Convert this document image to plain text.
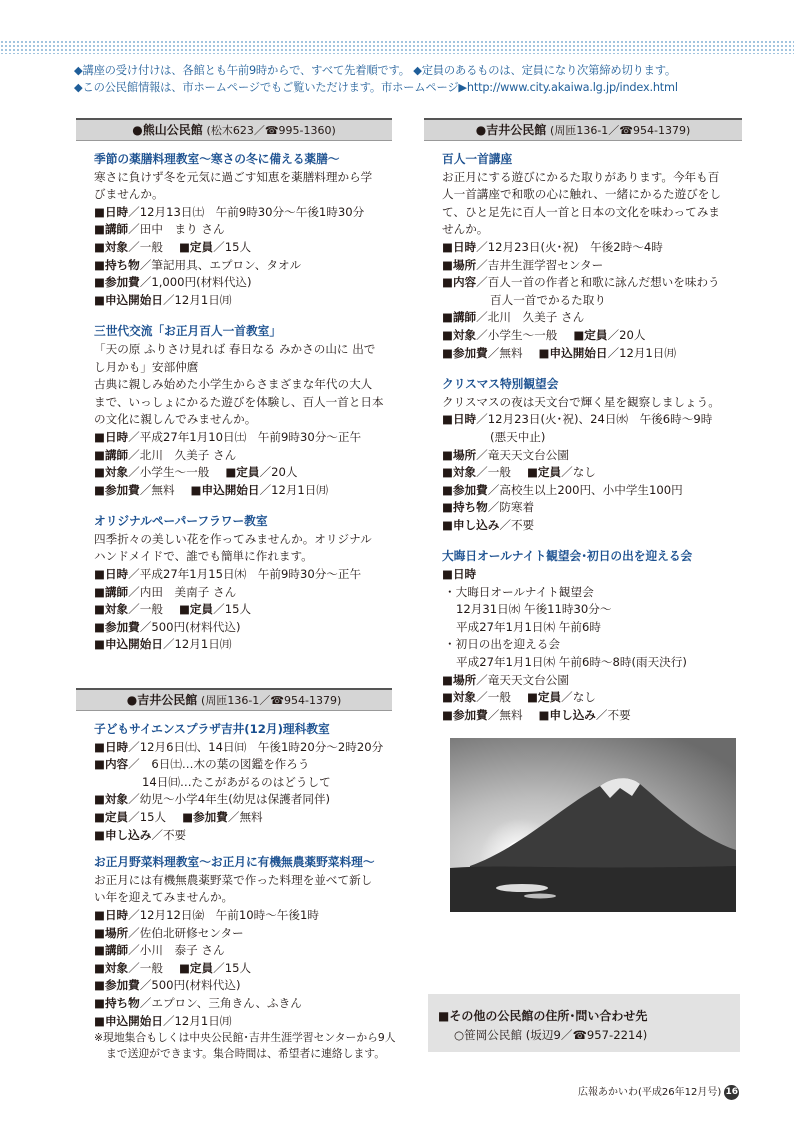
◆講座の受け付けは、各館とも午前9時からで、すべて先着順です。 ◆定員のあるものは、定員になり次第締め切ります。
◆この公民館情報は、市ホームページでもご覧いただけます。市ホームページ▶http://www.city.akaiwa.lg.jp/index.html
●熊山公民館 (松木623／☎995-1360)
季節の薬膳料理教室～寒さの冬に備える薬膳～
寒さに負けず冬を元気に過ごす知恵を薬膳料理から学
びませんか。
■日時／12月13日㈯　午前9時30分～午後1時30分
■講師／田中　まり さん
■対象／一般 ■定員／15人
■持ち物／筆記用具、エプロン、タオル
■参加費／1,000円(材料代込)
■申込開始日／12月1日㈪
三世代交流「お正月百人一首教室」
「天の原 ふりさけ見れば 春日なる みかさの山に 出で
し月かも」安部仲麿
古典に親しみ始めた小学生からさまざまな年代の大人
まで、いっしょにかるた遊びを体験し、百人一首と日本
の文化に親しんでみませんか。
■日時／平成27年1月10日㈯　午前9時30分～正午
■講師／北川　久美子 さん
■対象／小学生～一般 ■定員／20人
■参加費／無料 ■申込開始日／12月1日㈪
オリジナルペーパーフラワー教室
四季折々の美しい花を作ってみませんか。オリジナル
ハンドメイドで、誰でも簡単に作れます。
■日時／平成27年1月15日㈭　午前9時30分～正午
■講師／内田　美南子 さん
■対象／一般 ■定員／15人
■参加費／500円(材料代込)
■申込開始日／12月1日㈪
●吉井公民館 (周匝136-1／☎954-1379)
子どもサイエンスプラザ吉井(12月)理科教室
■日時／12月6日㈯、14日㈰　午後1時20分～2時20分
■内容／　6日㈯…木の葉の図鑑を作ろう
14日㈰…たこがあがるのはどうして
■対象／幼児～小学4年生(幼児は保護者同伴)
■定員／15人 ■参加費／無料
■申し込み／不要
お正月野菜料理教室～お正月に有機無農薬野菜料理～
お正月には有機無農薬野菜で作った料理を並べて新し
い年を迎えてみませんか。
■日時／12月12日㈮　午前10時～午後1時
■場所／佐伯北研修センター
■講師／小川　泰子 さん
■対象／一般 ■定員／15人
■参加費／500円(材料代込)
■持ち物／エプロン、三角きん、ふきん
■申込開始日／12月1日㈪
※現地集合もしくは中央公民館･吉井生涯学習センターから9人
まで送迎ができます。集合時間は、希望者に連絡します。
●吉井公民館 (周匝136-1／☎954-1379)
百人一首講座
お正月にする遊びにかるた取りがあります。今年も百
人一首講座で和歌の心に触れ、一緒にかるた遊びをし
て、ひと足先に百人一首と日本の文化を味わってみま
せんか。
■日時／12月23日(火･祝)　午後2時～4時
■場所／吉井生涯学習センター
■内容／百人一首の作者と和歌に詠んだ想いを味わう
百人一首でかるた取り
■講師／北川　久美子 さん
■対象／小学生～一般 ■定員／20人
■参加費／無料 ■申込開始日／12月1日㈪
クリスマス特別観望会
クリスマスの夜は天文台で輝く星を観察しましょう。
■日時／12月23日(火･祝)、24日㈬　午後6時～9時
(悪天中止)
■場所／竜天天文台公園
■対象／一般 ■定員／なし
■参加費／高校生以上200円、小中学生100円
■持ち物／防寒着
■申し込み／不要
大晦日オールナイト観望会･初日の出を迎える会
■日時
・大晦日オールナイト観望会
12月31日㈬ 午後11時30分～
平成27年1月1日㈭ 午前6時
・初日の出を迎える会
平成27年1月1日㈭ 午前6時～8時(雨天決行)
■場所／竜天天文台公園
■対象／一般 ■定員／なし
■参加費／無料 ■申し込み／不要
■その他の公民館の住所･問い合わせ先
○笹岡公民館 (坂辺9／☎957-2214)
広報あかいわ(平成26年12月号) 16
